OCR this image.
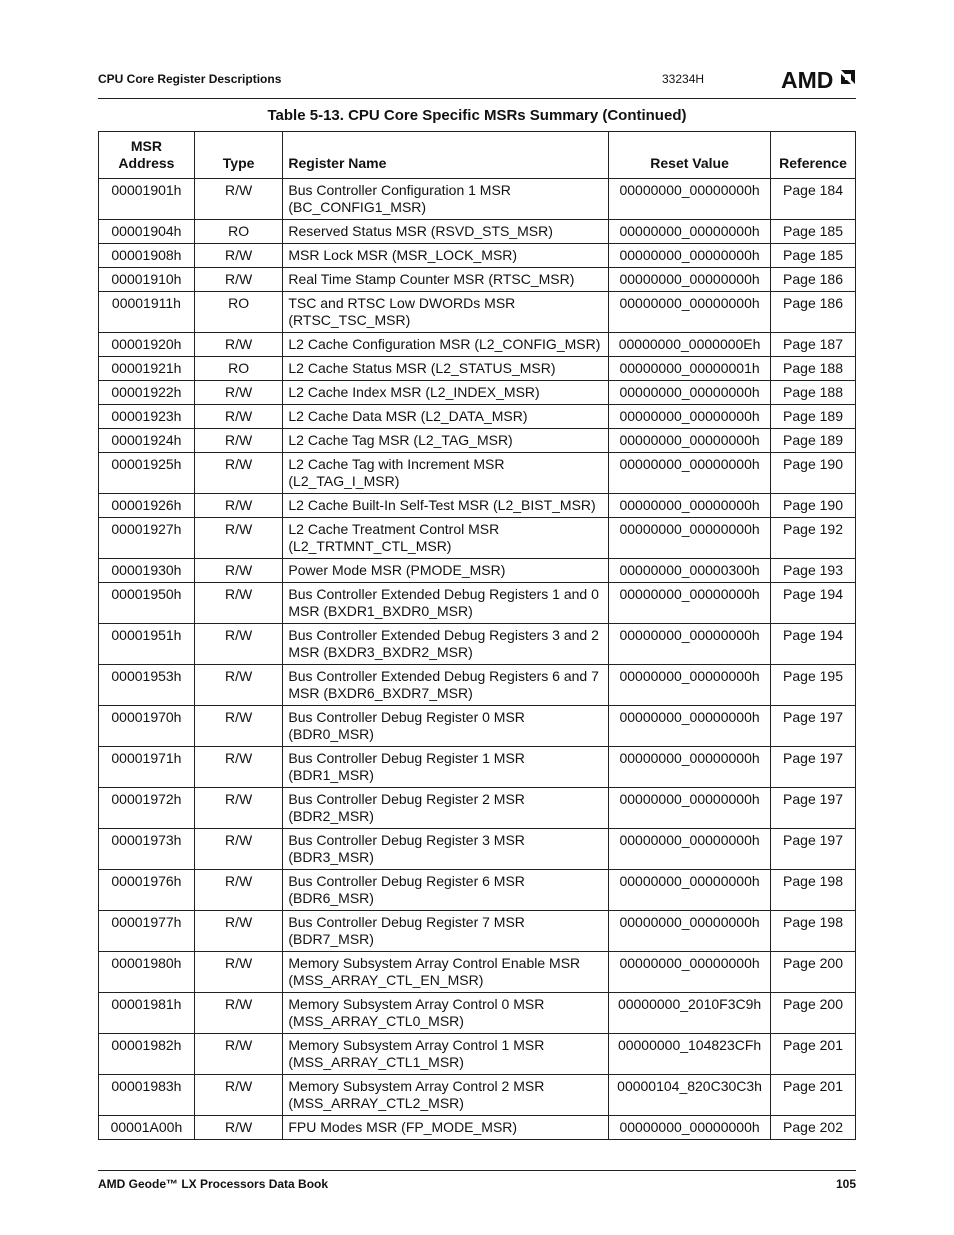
CPU Core Register Descriptions	33234H	AMD
Table 5-13. CPU Core Specific MSRs Summary (Continued)
MSR Address	Type	Register Name	Reset Value	Reference
00001901h	R/W	Bus Controller Configuration 1 MSR (BC_CONFIG1_MSR)	00000000_00000000h	Page 184
00001904h	RO	Reserved Status MSR (RSVD_STS_MSR)	00000000_00000000h	Page 185
00001908h	R/W	MSR Lock MSR (MSR_LOCK_MSR)	00000000_00000000h	Page 185
00001910h	R/W	Real Time Stamp Counter MSR (RTSC_MSR)	00000000_00000000h	Page 186
00001911h	RO	TSC and RTSC Low DWORDs MSR (RTSC_TSC_MSR)	00000000_00000000h	Page 186
00001920h	R/W	L2 Cache Configuration MSR (L2_CONFIG_MSR)	00000000_0000000Eh	Page 187
00001921h	RO	L2 Cache Status MSR (L2_STATUS_MSR)	00000000_00000001h	Page 188
00001922h	R/W	L2 Cache Index MSR (L2_INDEX_MSR)	00000000_00000000h	Page 188
00001923h	R/W	L2 Cache Data MSR (L2_DATA_MSR)	00000000_00000000h	Page 189
00001924h	R/W	L2 Cache Tag MSR (L2_TAG_MSR)	00000000_00000000h	Page 189
00001925h	R/W	L2 Cache Tag with Increment MSR (L2_TAG_I_MSR)	00000000_00000000h	Page 190
00001926h	R/W	L2 Cache Built-In Self-Test MSR (L2_BIST_MSR)	00000000_00000000h	Page 190
00001927h	R/W	L2 Cache Treatment Control MSR (L2_TRTMNT_CTL_MSR)	00000000_00000000h	Page 192
00001930h	R/W	Power Mode MSR (PMODE_MSR)	00000000_00000300h	Page 193
00001950h	R/W	Bus Controller Extended Debug Registers 1 and 0 MSR (BXDR1_BXDR0_MSR)	00000000_00000000h	Page 194
00001951h	R/W	Bus Controller Extended Debug Registers 3 and 2 MSR (BXDR3_BXDR2_MSR)	00000000_00000000h	Page 194
00001953h	R/W	Bus Controller Extended Debug Registers 6 and 7 MSR (BXDR6_BXDR7_MSR)	00000000_00000000h	Page 195
00001970h	R/W	Bus Controller Debug Register 0 MSR (BDR0_MSR)	00000000_00000000h	Page 197
00001971h	R/W	Bus Controller Debug Register 1 MSR (BDR1_MSR)	00000000_00000000h	Page 197
00001972h	R/W	Bus Controller Debug Register 2 MSR (BDR2_MSR)	00000000_00000000h	Page 197
00001973h	R/W	Bus Controller Debug Register 3 MSR (BDR3_MSR)	00000000_00000000h	Page 197
00001976h	R/W	Bus Controller Debug Register 6 MSR (BDR6_MSR)	00000000_00000000h	Page 198
00001977h	R/W	Bus Controller Debug Register 7 MSR (BDR7_MSR)	00000000_00000000h	Page 198
00001980h	R/W	Memory Subsystem Array Control Enable MSR (MSS_ARRAY_CTL_EN_MSR)	00000000_00000000h	Page 200
00001981h	R/W	Memory Subsystem Array Control 0 MSR (MSS_ARRAY_CTL0_MSR)	00000000_2010F3C9h	Page 200
00001982h	R/W	Memory Subsystem Array Control 1 MSR (MSS_ARRAY_CTL1_MSR)	00000000_104823CFh	Page 201
00001983h	R/W	Memory Subsystem Array Control 2 MSR (MSS_ARRAY_CTL2_MSR)	00000104_820C30C3h	Page 201
00001A00h	R/W	FPU Modes MSR (FP_MODE_MSR)	00000000_00000000h	Page 202
AMD Geode™ LX Processors Data Book	105
